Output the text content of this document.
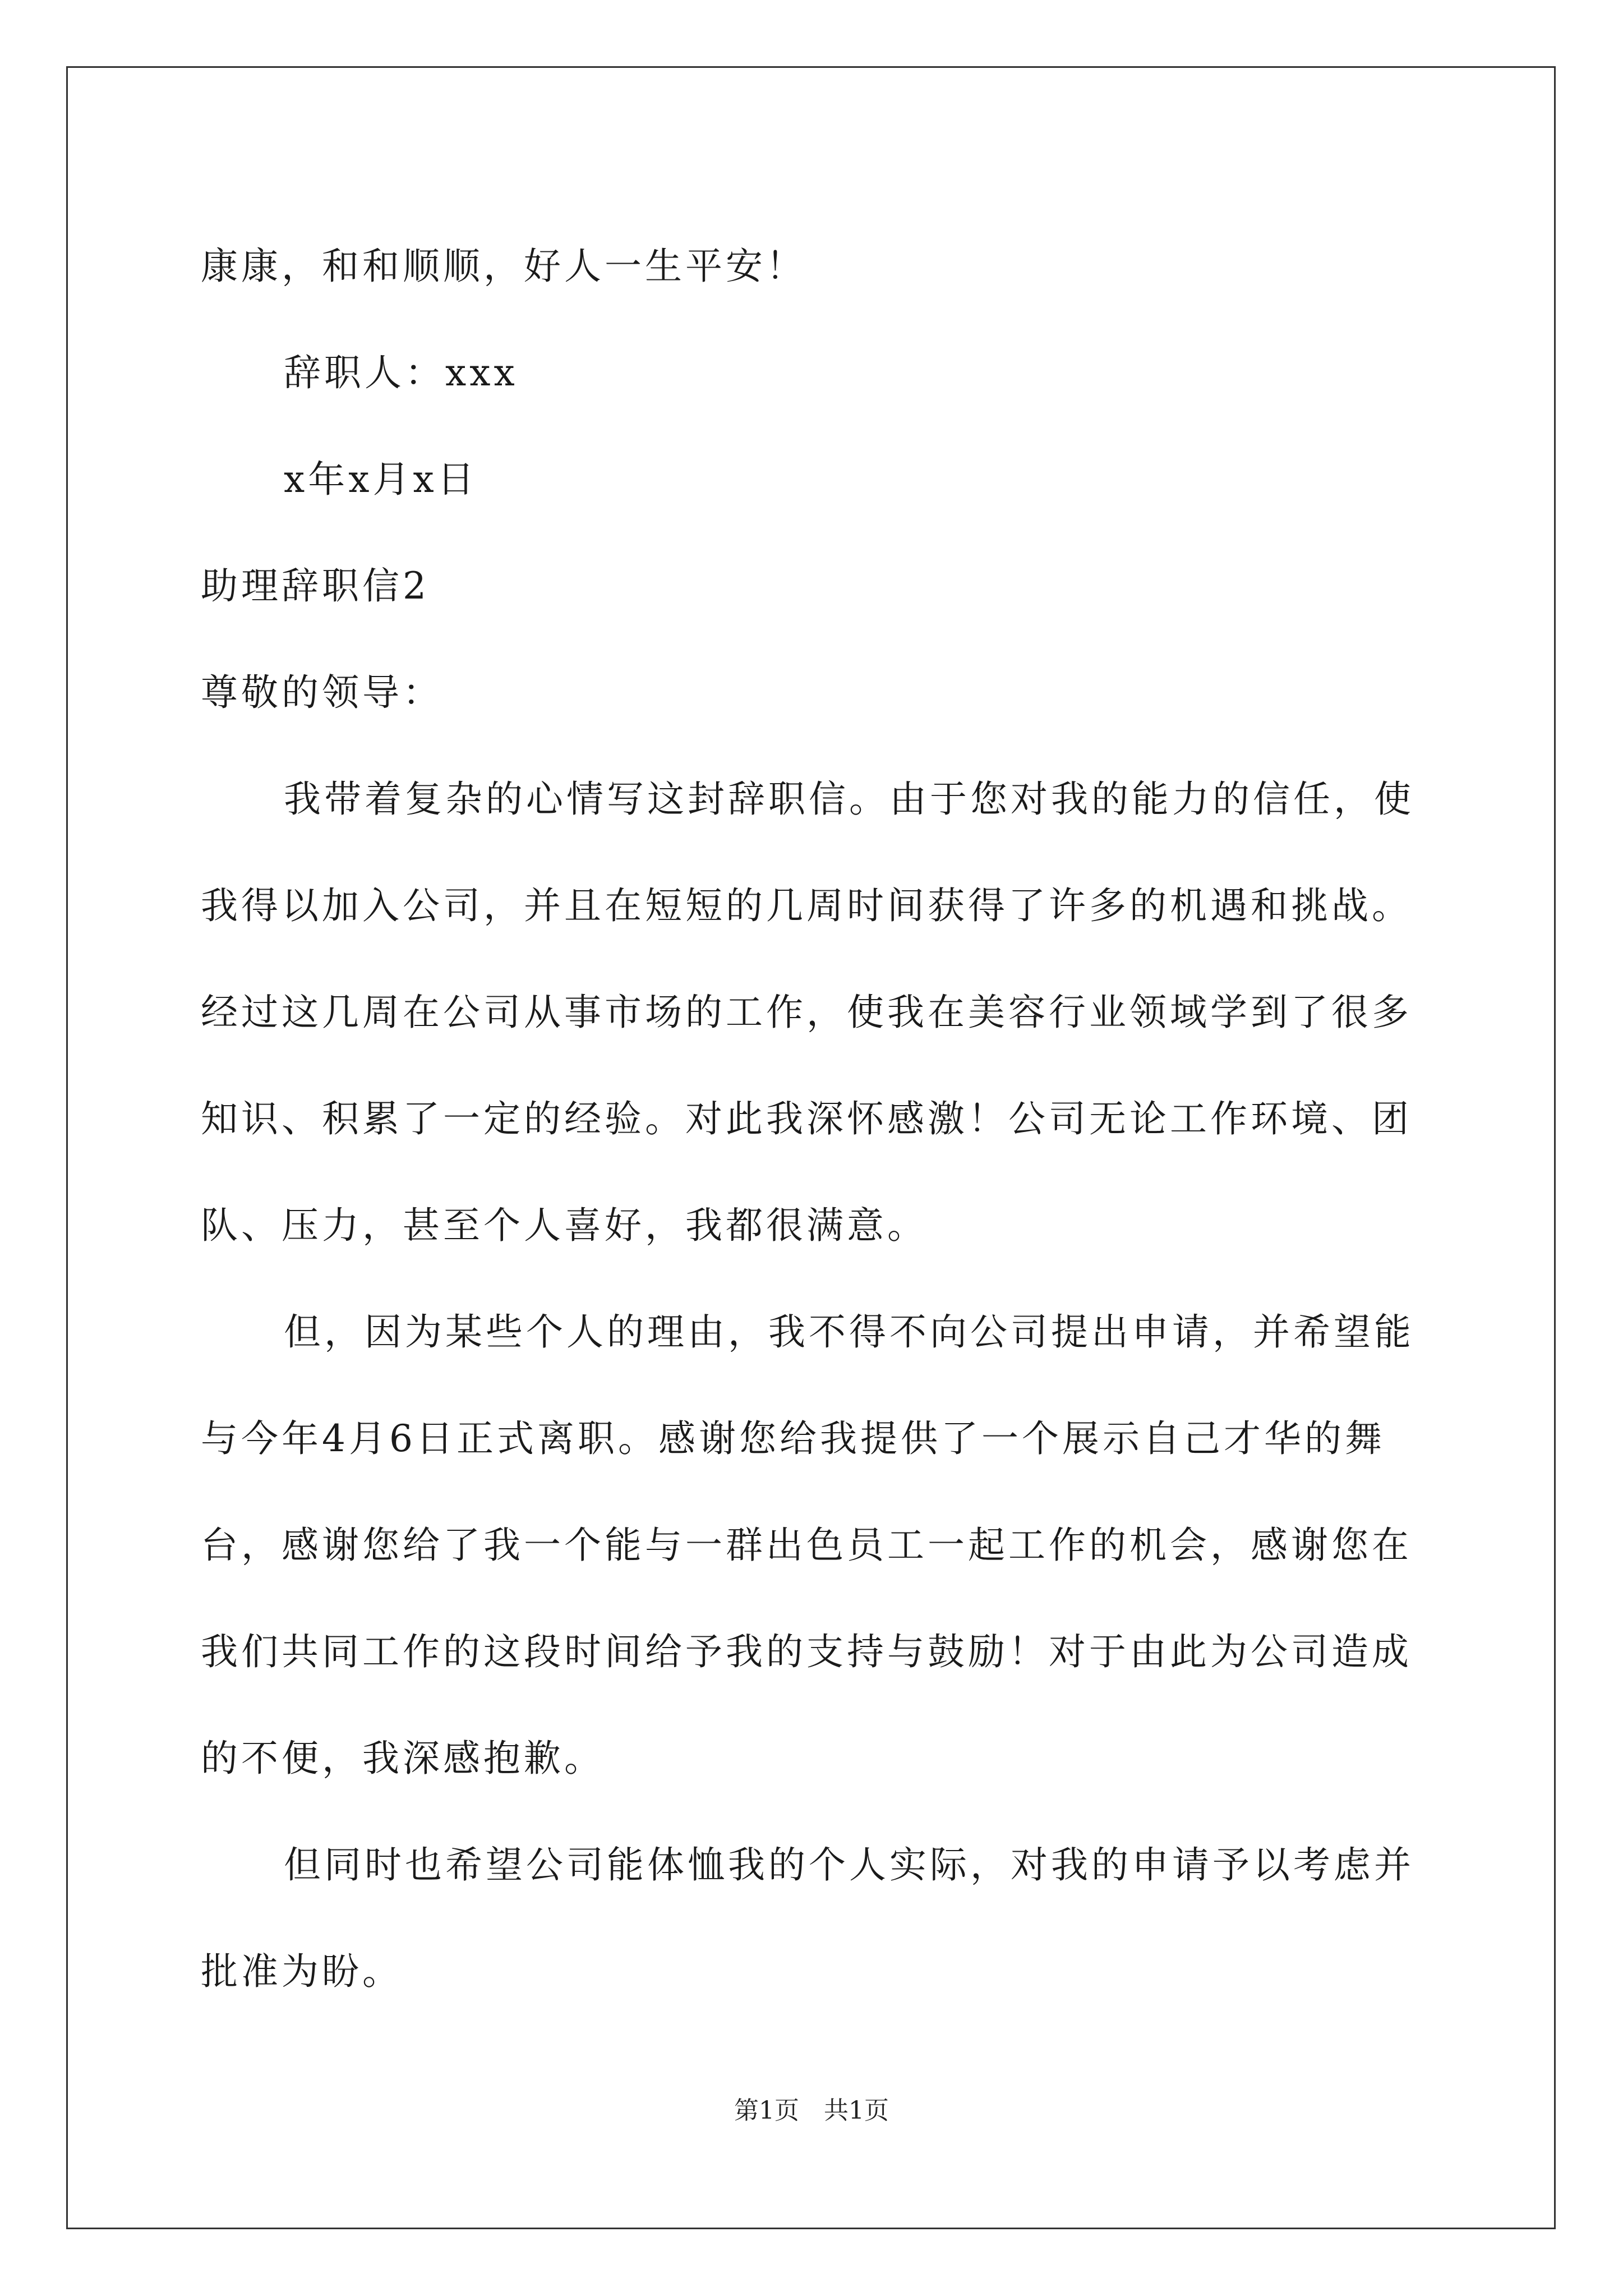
康康，和和顺顺，好人一生平安！

辞职人：xxx

x年x月x日

助理辞职信2

尊敬的领导：

我带着复杂的心情写这封辞职信。由于您对我的能力的信任，使我得以加入公司，并且在短短的几周时间获得了许多的机遇和挑战。经过这几周在公司从事市场的工作，使我在美容行业领域学到了很多知识、积累了一定的经验。对此我深怀感激！公司无论工作环境、团队、压力，甚至个人喜好，我都很满意。

但，因为某些个人的理由，我不得不向公司提出申请，并希望能与今年4月6日正式离职。感谢您给我提供了一个展示自己才华的舞台，感谢您给了我一个能与一群出色员工一起工作的机会，感谢您在我们共同工作的这段时间给予我的支持与鼓励！对于由此为公司造成的不便，我深感抱歉。

但同时也希望公司能体恤我的个人实际，对我的申请予以考虑并批准为盼。

第1页　共1页
